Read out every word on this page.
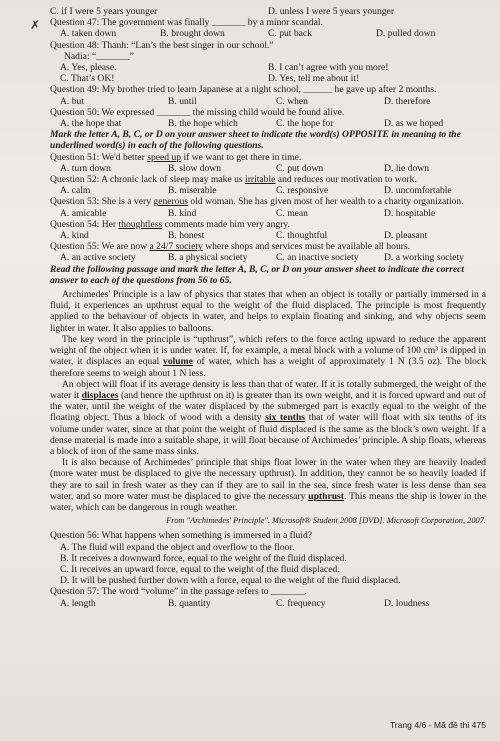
✗
C. if I were 5 years younger	D. unless I were 5 years younger
Question 47: The government was finally _______ by a minor scandal.
A. taken down	B. brought down	C. put back	D. pulled down
Question 48: Thanh: “Lan’s the best singer in our school.”
Nadia: “_______”
A. Yes, please.	B. I can’t agree with you more!
C. That’s OK!	D. Yes, tell me about it!
Question 49: My brother tried to learn Japanese at a night school, ______ he gave up after 2 months.
A. but	B. until	C. when	D. therefore
Question 50: We expressed _______ the missing child would be found alive.
A. the hope that	B. the hope which	C. the hope for	D. as we hoped
Mark the letter A, B, C, or D on your answer sheet to indicate the word(s) OPPOSITE in meaning to the underlined word(s) in each of the following questions.
Question 51: We'd better speed up if we want to get there in time.
A. turn down	B. slow down	C. put down	D. lie down
Question 52: A chronic lack of sleep may make us irritable and reduces our motivation to work.
A. calm	B. miserable	C. responsive	D. uncomfortable
Question 53: She is a very generous old woman. She has given most of her wealth to a charity organization.
A. amicable	B. kind	C. mean	D. hospitable
Question 54: Her thoughtless comments made him very angry.
A. kind	B. honest	C. thoughtful	D. pleasant
Question 55: We are now a 24/7 society where shops and services must be available all hours.
A. an active society	B. a physical society	C. an inactive society	D. a working society
Read the following passage and mark the letter A, B, C, or D on your answer sheet to indicate the correct answer to each of the questions from 56 to 65.
Archimedes' Principle is a law of physics that states that when an object is totally or partially immersed in a fluid, it experiences an upthrust equal to the weight of the fluid displaced. The principle is most frequently applied to the behaviour of objects in water, and helps to explain floating and sinking, and why objects seem lighter in water. It also applies to balloons.
The key word in the principle is “upthrust”, which refers to the force acting upward to reduce the apparent weight of the object when it is under water. If, for example, a metal block with a volume of 100 cm³ is dipped in water, it displaces an equal volume of water, which has a weight of approximately 1 N (3.5 oz). The block therefore seems to weigh about 1 N less.
An object will float if its average density is less than that of water. If it is totally submerged, the weight of the water it displaces (and hence the upthrust on it) is greater than its own weight, and it is forced upward and out of the water, until the weight of the water displaced by the submerged part is exactly equal to the weight of the floating object. Thus a block of wood with a density six tenths that of water will float with six tenths of its volume under water, since at that point the weight of fluid displaced is the same as the block’s own weight. If a dense material is made into a suitable shape, it will float because of Archimedes’ principle. A ship floats, whereas a block of iron of the same mass sinks.
It is also because of Archimedes’ principle that ships float lower in the water when they are heavily loaded (more water must be displaced to give the necessary upthrust). In addition, they cannot be so heavily loaded if they are to sail in fresh water as they can if they are to sail in the sea, since fresh water is less dense than sea water, and so more water must be displaced to give the necessary upthrust. This means the ship is lower in the water, which can be dangerous in rough weather.
From "Archimedes' Principle". Microsoft® Student 2008 [DVD]. Microsoft Corporation, 2007.
Question 56: What happens when something is immersed in a fluid?
A. The fluid will expand the object and overflow to the floor.
B. It receives a downward force, equal to the weight of the fluid displaced.
C. It receives an upward force, equal to the weight of the fluid displaced.
D. It will be pushed further down with a force, equal to the weight of the fluid displaced.
Question 57: The word “volume” in the passage refers to _______.
A. length	B. quantity	C. frequency	D. loudness
Trang 4/6 - Mã đề thi 475
